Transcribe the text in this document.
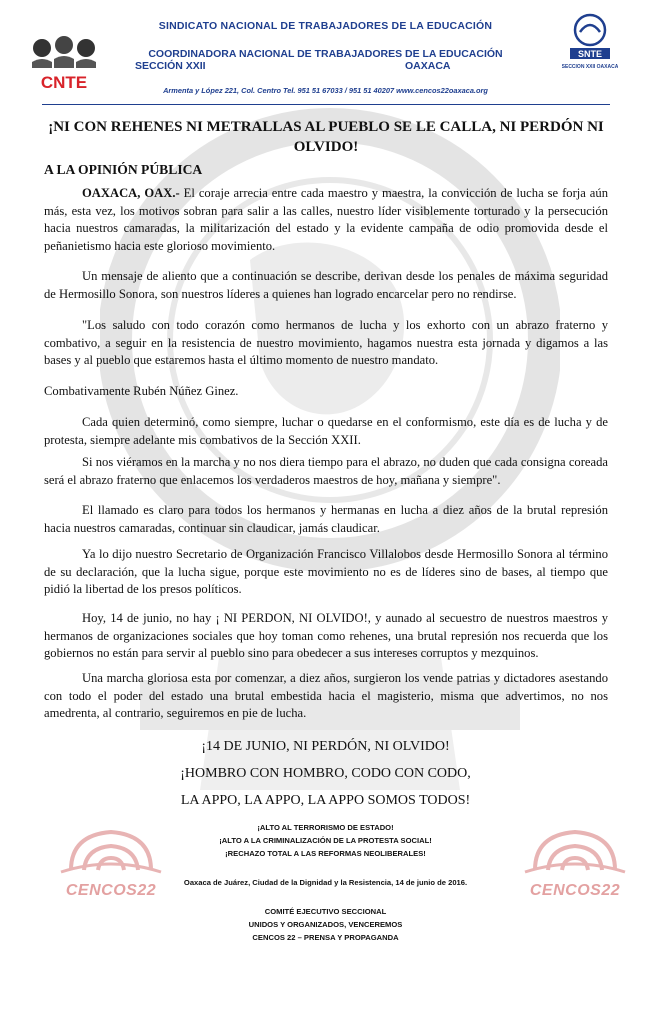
CNTE
SINDICATO NACIONAL DE TRABAJADORES DE LA EDUCACIÓN
COORDINADORA NACIONAL DE TRABAJADORES DE LA EDUCACIÓN
SECCIÓN XXII	OAXACA
Armenta y López 221, Col. Centro Tel. 951 51 67033 / 951 51 40207 www.cencos22oaxaca.org
SNTE
SECCION XXII OAXACA
¡NI CON REHENES NI METRALLAS AL PUEBLO SE LE CALLA, NI PERDÓN NI OLVIDO!
A LA OPINIÓN PÚBLICA

OAXACA, OAX.- El coraje arrecia entre cada maestro y maestra, la convicción de lucha se forja aún más, esta vez, los motivos sobran para salir a las calles, nuestro líder visiblemente torturado y la persecución hacia nuestros camaradas, la militarización del estado y la evidente campaña de odio promovida desde el peñanietismo hacia este glorioso movimiento.

Un mensaje de aliento que a continuación se describe, derivan desde los penales de máxima seguridad de Hermosillo Sonora, son nuestros líderes a quienes han logrado encarcelar pero no rendirse.

"Los saludo con todo corazón como hermanos de lucha y los exhorto con un abrazo fraterno y combativo, a seguir en la resistencia de nuestro movimiento, hagamos nuestra esta jornada y digamos a las bases y al pueblo que estaremos hasta el último momento de nuestro mandato.

Combativamente Rubén Núñez Ginez.

Cada quien determinó, como siempre, luchar o quedarse en el conformismo, este día es de lucha y de protesta, siempre adelante mis combativos de la Sección XXII.

Si nos viéramos en la marcha y no nos diera tiempo para el abrazo, no duden que cada consigna coreada será el abrazo fraterno que enlacemos los verdaderos maestros de hoy, mañana y siempre".

El llamado es claro para todos los hermanos y hermanas en lucha a diez años de la brutal represión hacia nuestros camaradas, continuar sin claudicar, jamás claudicar.

Ya lo dijo nuestro Secretario de Organización Francisco Villalobos desde Hermosillo Sonora al término de su declaración, que la lucha sigue, porque este movimiento no es de líderes sino de bases, al tiempo que pidió la libertad de los presos políticos.

Hoy, 14 de junio, no hay ¡ NI PERDON, NI OLVIDO!, y aunado al secuestro de nuestros maestros y hermanos de organizaciones sociales que hoy toman como rehenes, una brutal represión nos recuerda que los gobiernos no están para servir al pueblo sino para obedecer a sus intereses corruptos y mezquinos.

Una marcha gloriosa esta por comenzar, a diez años, surgieron los vende patrias y dictadores asestando con todo el poder del estado una brutal embestida hacia el magisterio, misma que advertimos, no nos amedrenta, al contrario, seguiremos en pie de lucha.

¡14 DE JUNIO, NI PERDÓN, NI OLVIDO!
¡HOMBRO CON HOMBRO, CODO CON CODO,
LA APPO, LA APPO, LA APPO SOMOS TODOS!
¡ALTO AL TERRORISMO DE ESTADO!
¡ALTO A LA CRIMINALIZACIÓN DE LA PROTESTA SOCIAL!
¡RECHAZO TOTAL A LAS REFORMAS NEOLIBERALES!
Oaxaca de Juárez, Ciudad de la Dignidad y la Resistencia, 14 de junio de 2016.
COMITÉ EJECUTIVO SECCIONAL
UNIDOS Y ORGANIZADOS, VENCEREMOS
CENCOS 22 – PRENSA Y PROPAGANDA
CENCOS22	CENCOS22
